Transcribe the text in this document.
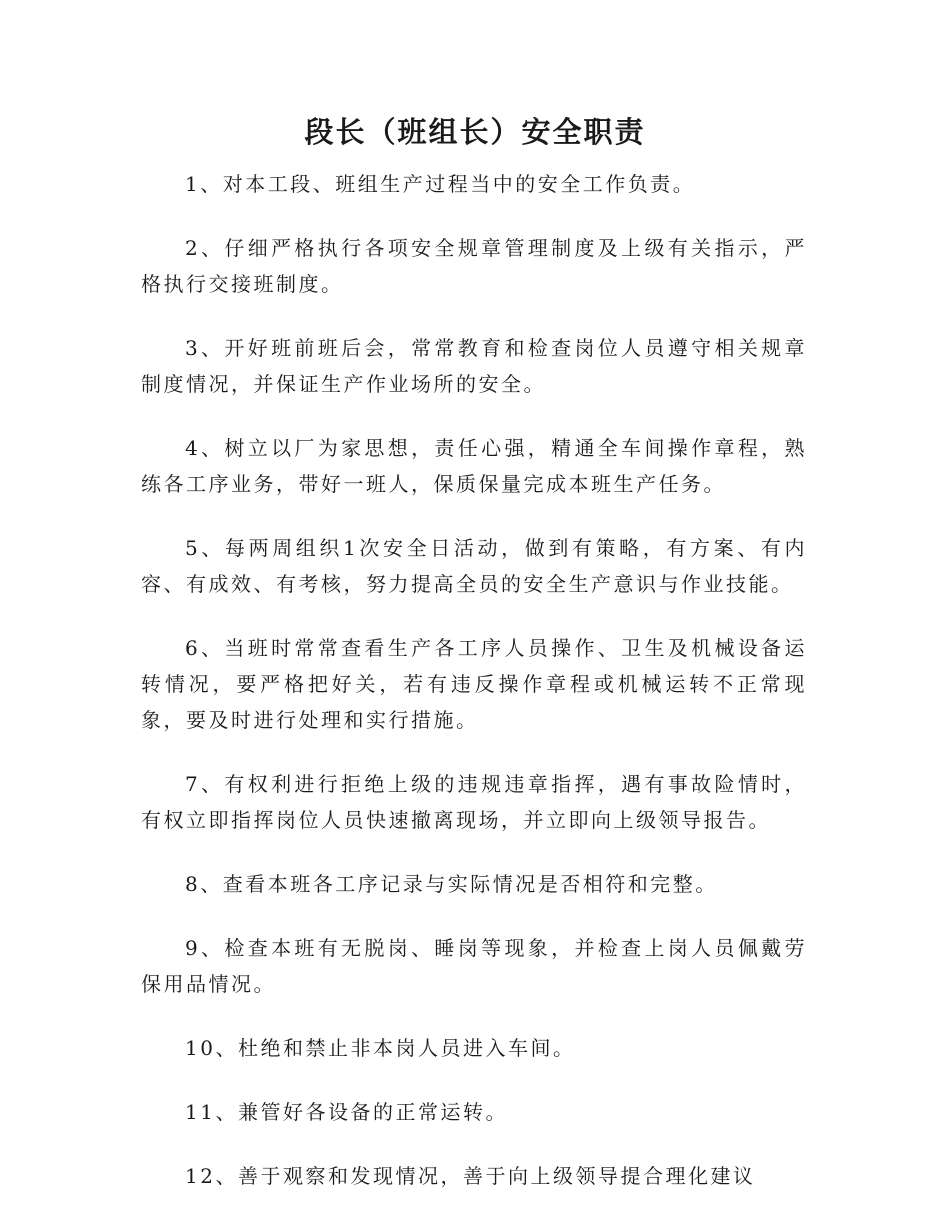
段长（班组长）安全职责

1、对本工段、班组生产过程当中的安全工作负责。

2、仔细严格执行各项安全规章管理制度及上级有关指示，严格执行交接班制度。

3、开好班前班后会，常常教育和检查岗位人员遵守相关规章制度情况，并保证生产作业场所的安全。

4、树立以厂为家思想，责任心强，精通全车间操作章程，熟练各工序业务，带好一班人，保质保量完成本班生产任务。

5、每两周组织1次安全日活动，做到有策略，有方案、有内容、有成效、有考核，努力提高全员的安全生产意识与作业技能。

6、当班时常常查看生产各工序人员操作、卫生及机械设备运转情况，要严格把好关，若有违反操作章程或机械运转不正常现象，要及时进行处理和实行措施。

7、有权利进行拒绝上级的违规违章指挥，遇有事故险情时，有权立即指挥岗位人员快速撤离现场，并立即向上级领导报告。

8、查看本班各工序记录与实际情况是否相符和完整。

9、检查本班有无脱岗、睡岗等现象，并检查上岗人员佩戴劳保用品情况。

10、杜绝和禁止非本岗人员进入车间。

11、兼管好各设备的正常运转。

12、善于观察和发现情况，善于向上级领导提合理化建议
